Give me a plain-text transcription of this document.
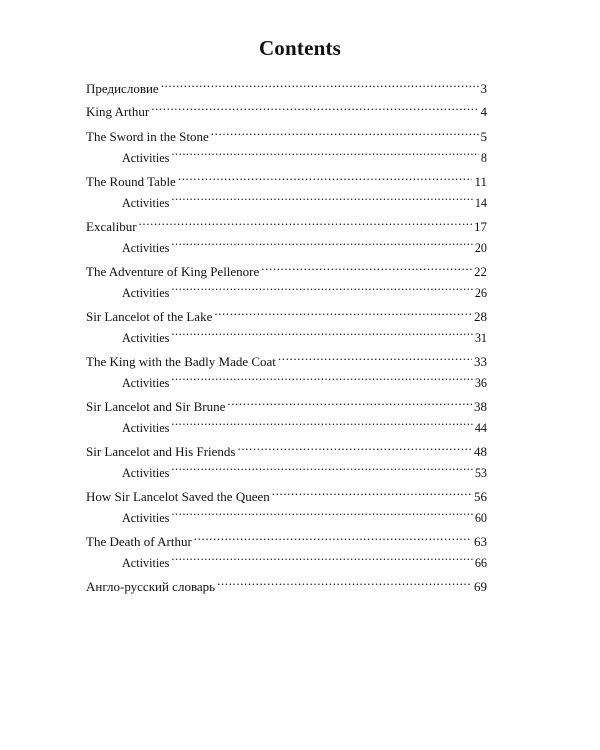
Contents
Предисловие .....	3
King Arthur .....	4
The Sword in the Stone .....	5
Activities .....	8
The Round Table .....	11
Activities .....	14
Excalibur .....	17
Activities .....	20
The Adventure of King Pellenore .....	22
Activities .....	26
Sir Lancelot of the Lake .....	28
Activities .....	31
The King with the Badly Made Coat .....	33
Activities .....	36
Sir Lancelot and Sir Brune .....	38
Activities .....	44
Sir Lancelot and His Friends .....	48
Activities .....	53
How Sir Lancelot Saved the Queen .....	56
Activities .....	60
The Death of Arthur .....	63
Activities .....	66
Англо-русский словарь .....	69
